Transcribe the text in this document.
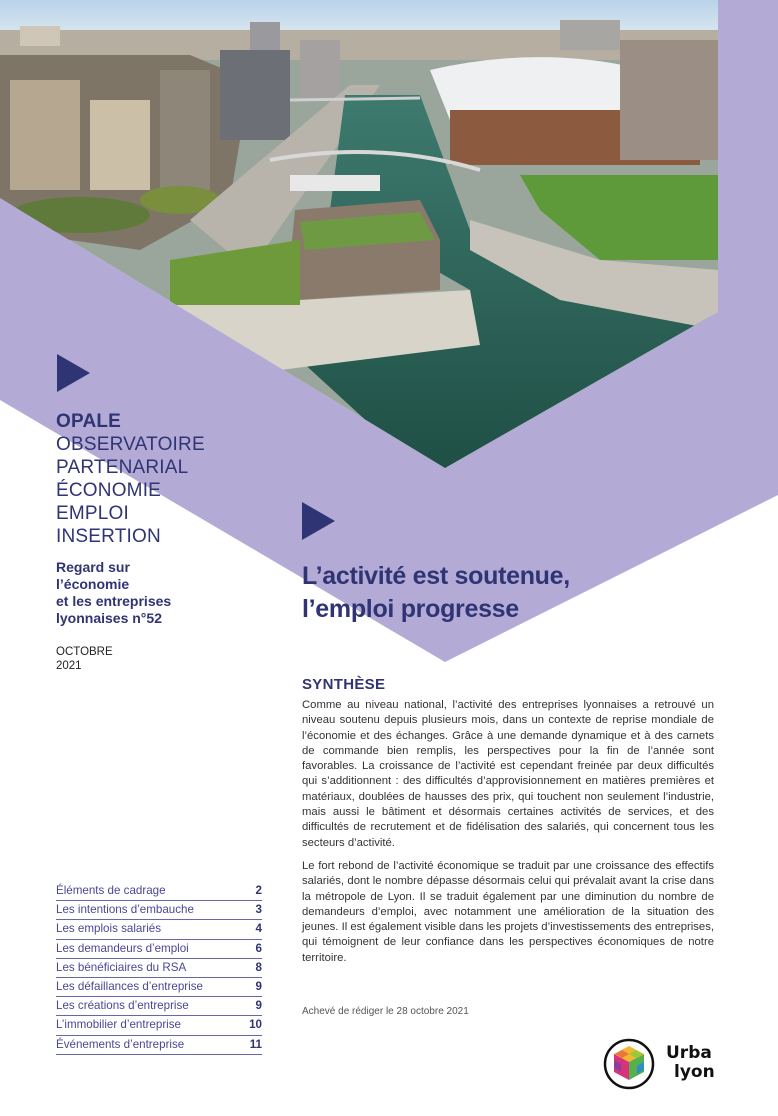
OPALE
OBSERVATOIRE
PARTENARIAL
ÉCONOMIE
EMPLOI
INSERTION
Regard sur
l’économie
et les entreprises
lyonnaises n°52
OCTOBRE
2021
L’activité est soutenue,
l’emploi progresse
SYNTHÈSE

Comme au niveau national, l’activité des entreprises lyonnaises a retrouvé un niveau soutenu depuis plusieurs mois, dans un contexte de reprise mondiale de l’économie et des échanges. Grâce à une demande dynamique et à des carnets de commande bien remplis, les perspectives pour la fin de l’année sont favorables. La croissance de l’activité est cependant freinée par deux difficultés qui s’additionnent : des difficultés d’approvisionnement en matières premières et matériaux, doublées de hausses des prix, qui touchent non seulement l’industrie, mais aussi le bâtiment et désormais certaines activités de services, et des difficultés de recrutement et de fidélisation des salariés, qui concernent tous les secteurs d’activité.

Le fort rebond de l’activité économique se traduit par une croissance des effectifs salariés, dont le nombre dépasse désormais celui qui prévalait avant la crise dans la métropole de Lyon. Il se traduit également par une diminution du nombre de demandeurs d’emploi, avec notamment une amélioration de la situation des jeunes. Il est également visible dans les projets d’investissements des entreprises, qui témoignent de leur confiance dans les perspectives économiques de notre territoire.

Éléments de cadrage	2
Les intentions d’embauche	3
Les emplois salariés	4
Les demandeurs d’emploi	6
Les bénéficiaires du RSA	8
Les défaillances d’entreprise	9
Les créations d’entreprise	9
L’immobilier d’entreprise	10
Événements d’entreprise	11
Achevé de rédiger le 28 octobre 2021
Urba
lyon
